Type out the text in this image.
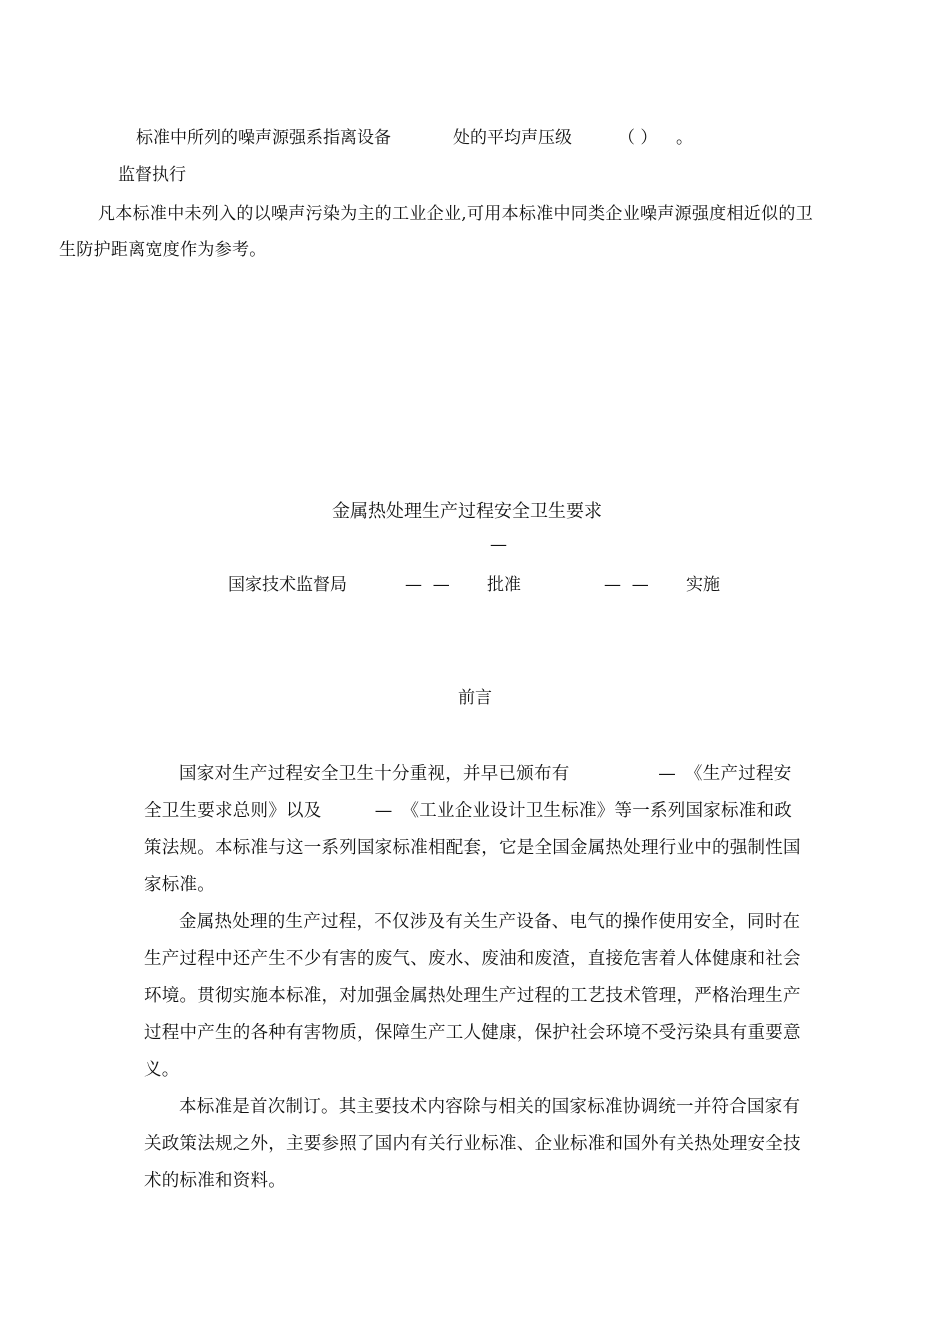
标准中所列的噪声源强系指离设备	处的平均声压级	（ ） 。
监督执行
凡本标准中未列入的以噪声污染为主的工业企业,可用本标准中同类企业噪声源强度相近似的卫
生防护距离宽度作为参考。
金属热处理生产过程安全卫生要求
—
国家技术监督局	—  — 批准	—  — 实施
前言

国家对生产过程安全卫生十分重视，并早已颁布有　　　　　—　《生产过程安全卫生要求总则》以及　　　—　《工业企业设计卫生标准》等一系列国家标准和政策法规。本标准与这一系列国家标准相配套，它是全国金属热处理行业中的强制性国家标准。

金属热处理的生产过程，不仅涉及有关生产设备、电气的操作使用安全，同时在生产过程中还产生不少有害的废气、废水、废油和废渣，直接危害着人体健康和社会环境。贯彻实施本标准，对加强金属热处理生产过程的工艺技术管理，严格治理生产过程中产生的各种有害物质，保障生产工人健康，保护社会环境不受污染具有重要意义。

本标准是首次制订。其主要技术内容除与相关的国家标准协调统一并符合国家有关政策法规之外，主要参照了国内有关行业标准、企业标准和国外有关热处理安全技术的标准和资料。
